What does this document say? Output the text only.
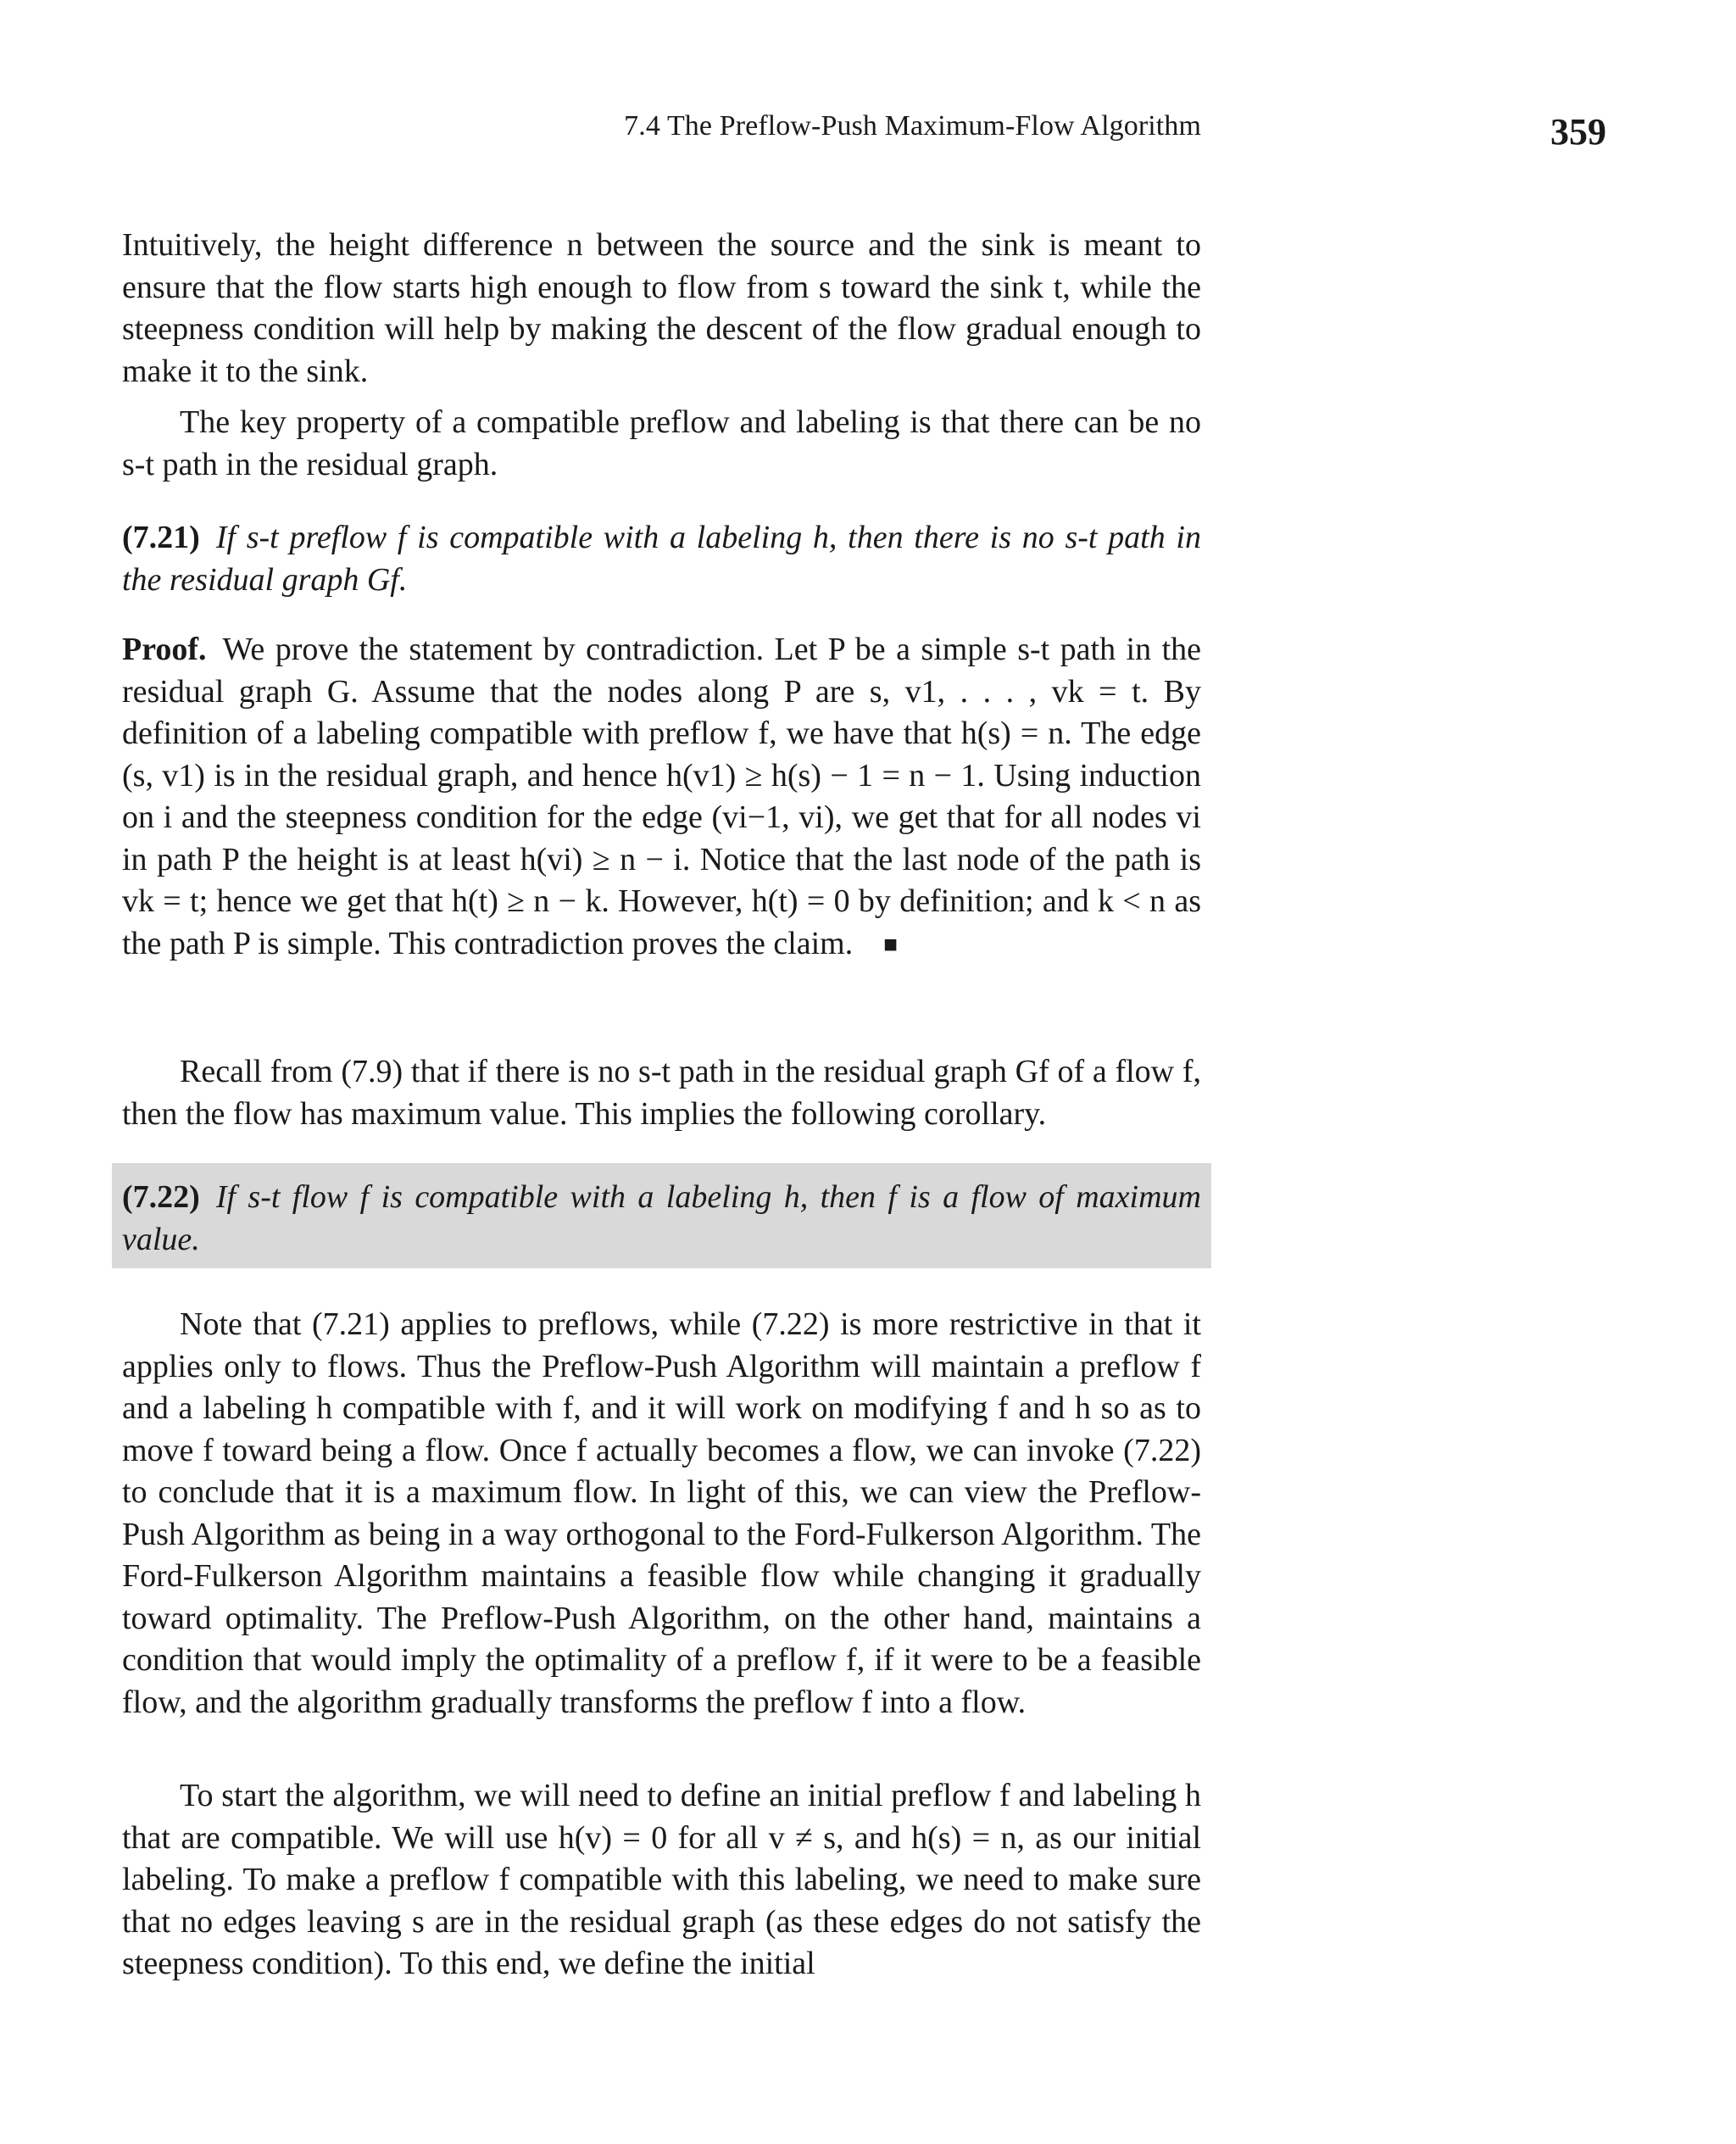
7.4 The Preflow-Push Maximum-Flow Algorithm	359
Intuitively, the height difference n between the source and the sink is meant to ensure that the flow starts high enough to flow from s toward the sink t, while the steepness condition will help by making the descent of the flow gradual enough to make it to the sink.
The key property of a compatible preflow and labeling is that there can be no s-t path in the residual graph.
(7.21) If s-t preflow f is compatible with a labeling h, then there is no s-t path in the residual graph Gf.
Proof. We prove the statement by contradiction. Let P be a simple s-t path in the residual graph G. Assume that the nodes along P are s, v1, . . . , vk = t. By definition of a labeling compatible with preflow f, we have that h(s) = n. The edge (s, v1) is in the residual graph, and hence h(v1) ≥ h(s) − 1 = n − 1. Using induction on i and the steepness condition for the edge (vi−1, vi), we get that for all nodes vi in path P the height is at least h(vi) ≥ n − i. Notice that the last node of the path is vk = t; hence we get that h(t) ≥ n − k. However, h(t) = 0 by definition; and k < n as the path P is simple. This contradiction proves the claim. ■
Recall from (7.9) that if there is no s-t path in the residual graph Gf of a flow f, then the flow has maximum value. This implies the following corollary.
(7.22) If s-t flow f is compatible with a labeling h, then f is a flow of maximum value.
Note that (7.21) applies to preflows, while (7.22) is more restrictive in that it applies only to flows. Thus the Preflow-Push Algorithm will maintain a preflow f and a labeling h compatible with f, and it will work on modifying f and h so as to move f toward being a flow. Once f actually becomes a flow, we can invoke (7.22) to conclude that it is a maximum flow. In light of this, we can view the Preflow-Push Algorithm as being in a way orthogonal to the Ford-Fulkerson Algorithm. The Ford-Fulkerson Algorithm maintains a feasible flow while changing it gradually toward optimality. The Preflow-Push Algorithm, on the other hand, maintains a condition that would imply the optimality of a preflow f, if it were to be a feasible flow, and the algorithm gradually transforms the preflow f into a flow.
To start the algorithm, we will need to define an initial preflow f and labeling h that are compatible. We will use h(v) = 0 for all v ≠ s, and h(s) = n, as our initial labeling. To make a preflow f compatible with this labeling, we need to make sure that no edges leaving s are in the residual graph (as these edges do not satisfy the steepness condition). To this end, we define the initial
